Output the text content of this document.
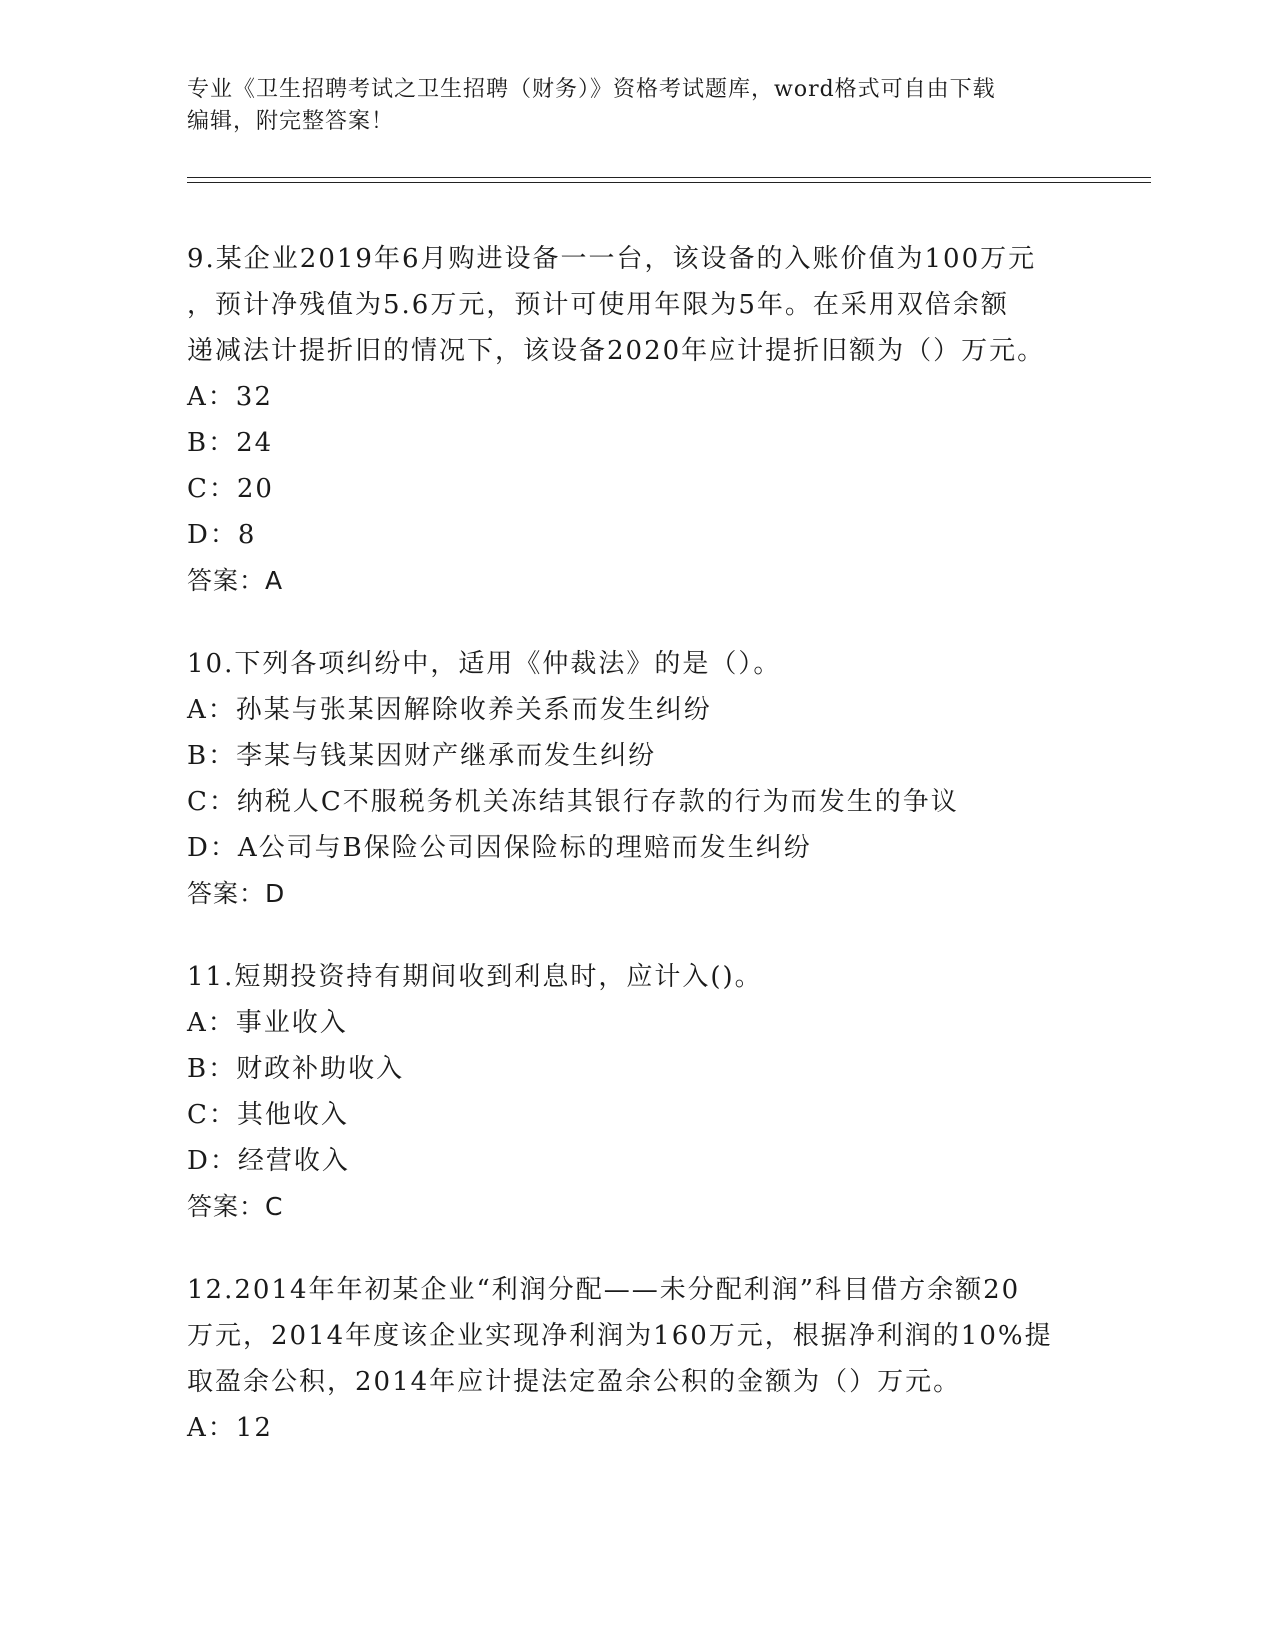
专业《卫生招聘考试之卫生招聘（财务）》资格考试题库，word格式可自由下载
编辑，附完整答案！

9.某企业2019年6月购进设备一一台，该设备的入账价值为100万元

，预计净残值为5.6万元，预计可使用年限为5年。在采用双倍余额

递减法计提折旧的情况下，该设备2020年应计提折旧额为（）万元。

A：32

B：24

C：20

D：8

答案：A

10.下列各项纠纷中，适用《仲裁法》的是（）。

A：孙某与张某因解除收养关系而发生纠纷

B：李某与钱某因财产继承而发生纠纷

C：纳税人C不服税务机关冻结其银行存款的行为而发生的争议

D：A公司与B保险公司因保险标的理赔而发生纠纷

答案：D

11.短期投资持有期间收到利息时，应计入()。

A：事业收入

B：财政补助收入

C：其他收入

D：经营收入

答案：C

12.2014年年初某企业“利润分配——未分配利润”科目借方余额20

万元，2014年度该企业实现净利润为160万元，根据净利润的10%提

取盈余公积，2014年应计提法定盈余公积的金额为（）万元。

A：12
